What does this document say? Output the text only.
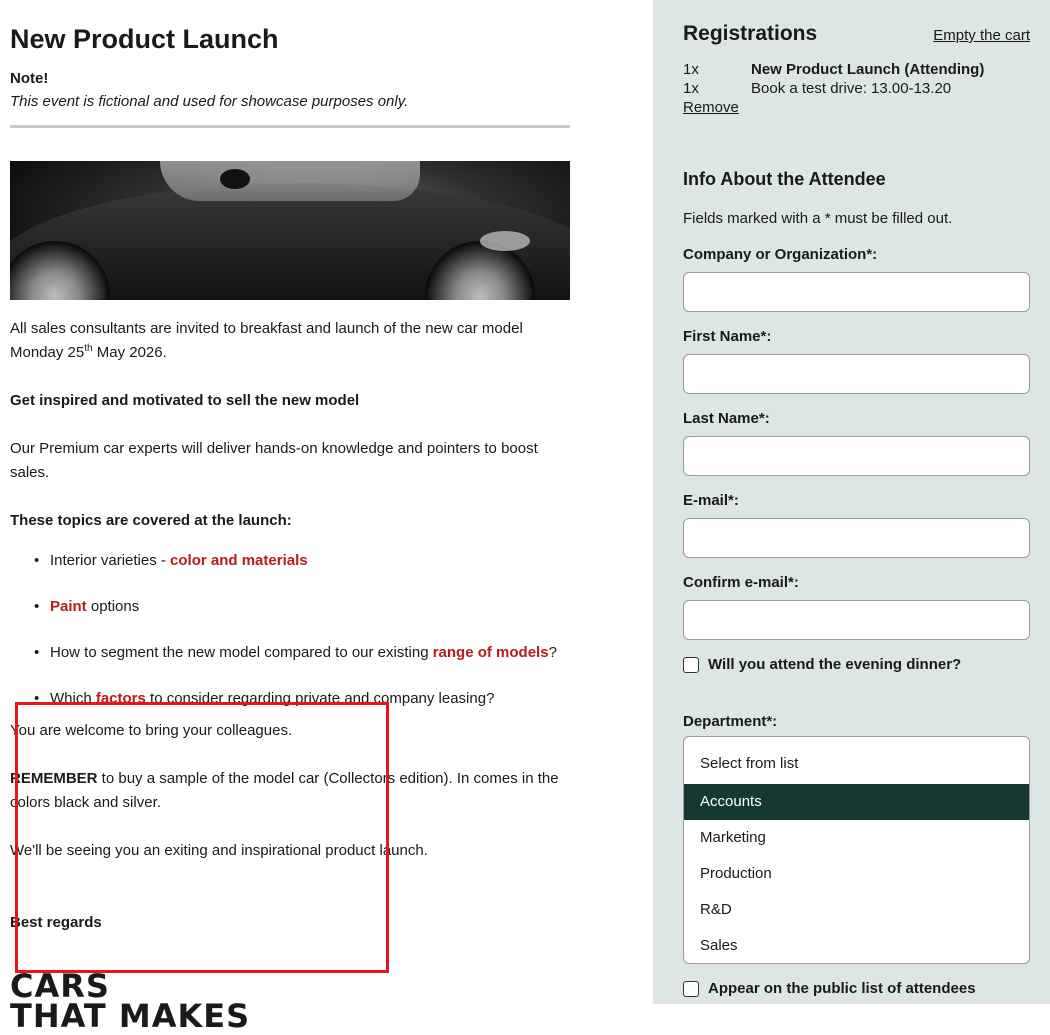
New Product Launch
Note!
This event is fictional and used for showcase purposes only.

All sales consultants are invited to breakfast and launch of the new car model Monday 25th May 2026.

Get inspired and motivated to sell the new model

Our Premium car experts will deliver hands-on knowledge and pointers to boost sales.

These topics are covered at the launch:

• Interior varieties - color and materials
• Paint options
• How to segment the new model compared to our existing range of models?
• Which factors to consider regarding private and company leasing?

You are welcome to bring your colleagues.

REMEMBER to buy a sample of the model car (Collectors edition). In comes in the colors black and silver.

We'll be seeing you an exiting and inspirational product launch.

Best regards

CARS
THAT MAKES
Registrations	Empty the cart
1x	New Product Launch (Attending)
1x	Book a test drive: 13.00-13.20
Remove
Info About the Attendee
Fields marked with a * must be filled out.
Company or Organization*:
First Name*:
Last Name*:
E-mail*:
Confirm e-mail*:
Will you attend the evening dinner?
Department*:
Select from list
Accounts
Marketing
Production
R&D
Sales
Appear on the public list of attendees
